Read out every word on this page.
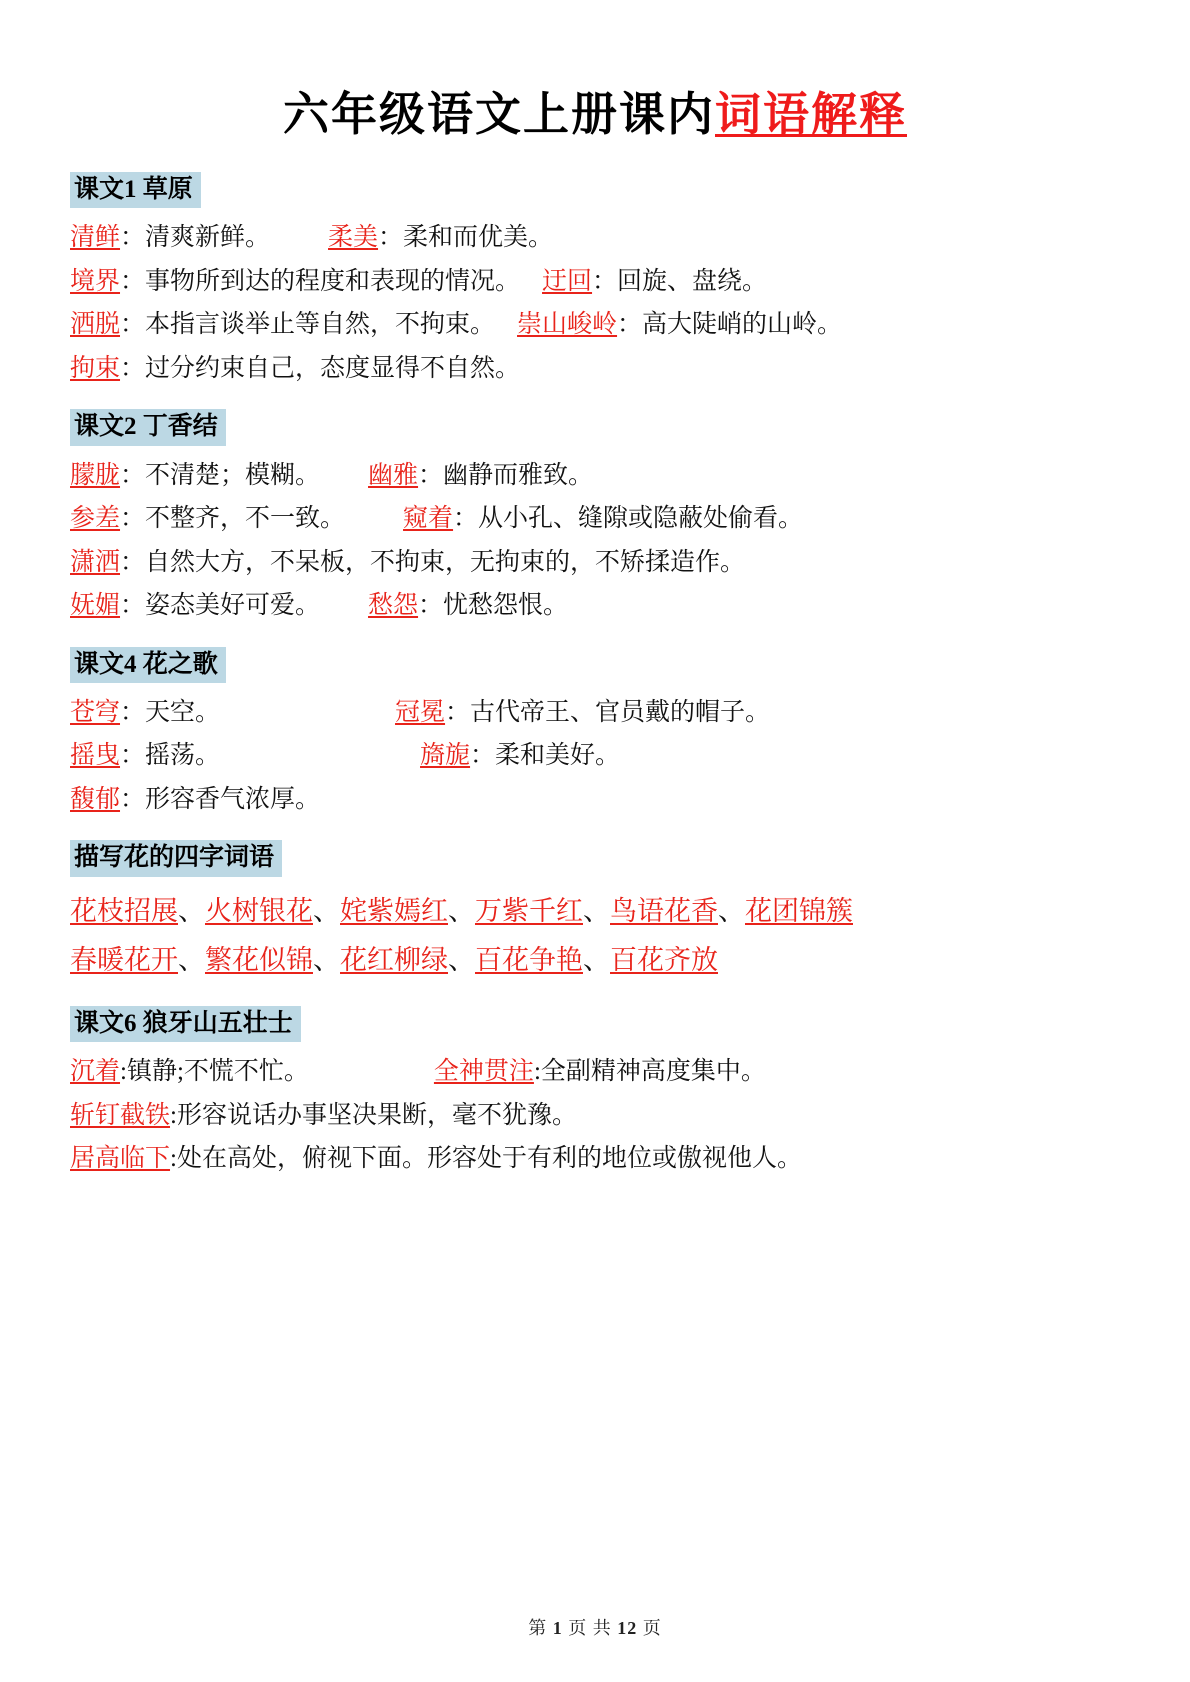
六年级语文上册课内词语解释
课文1 草原
清鲜：清爽新鲜。 柔美：柔和而优美。
境界：事物所到达的程度和表现的情况。 迂回：回旋、盘绕。
洒脱：本指言谈举止等自然，不拘束。 崇山峻岭：高大陡峭的山岭。
拘束：过分约束自己，态度显得不自然。
课文2 丁香结
朦胧：不清楚；模糊。 幽雅：幽静而雅致。
参差：不整齐，不一致。 窥着：从小孔、缝隙或隐蔽处偷看。
潇洒：自然大方，不呆板，不拘束，无拘束的，不矫揉造作。
妩媚：姿态美好可爱。 愁怨：忧愁怨恨。
课文4 花之歌
苍穹：天空。	冠冕：古代帝王、官员戴的帽子。
摇曳：摇荡。	旖旎：柔和美好。
馥郁：形容香气浓厚。
描写花的四字词语
花枝招展、火树银花、姹紫嫣红、万紫千红、鸟语花香、花团锦簇
春暖花开、繁花似锦、花红柳绿、百花争艳、百花齐放
课文6 狼牙山五壮士
沉着:镇静;不慌不忙。	全神贯注:全副精神高度集中。
斩钉截铁:形容说话办事坚决果断，毫不犹豫。
居高临下:处在高处，俯视下面。形容处于有利的地位或傲视他人。
第 1 页 共 12 页
